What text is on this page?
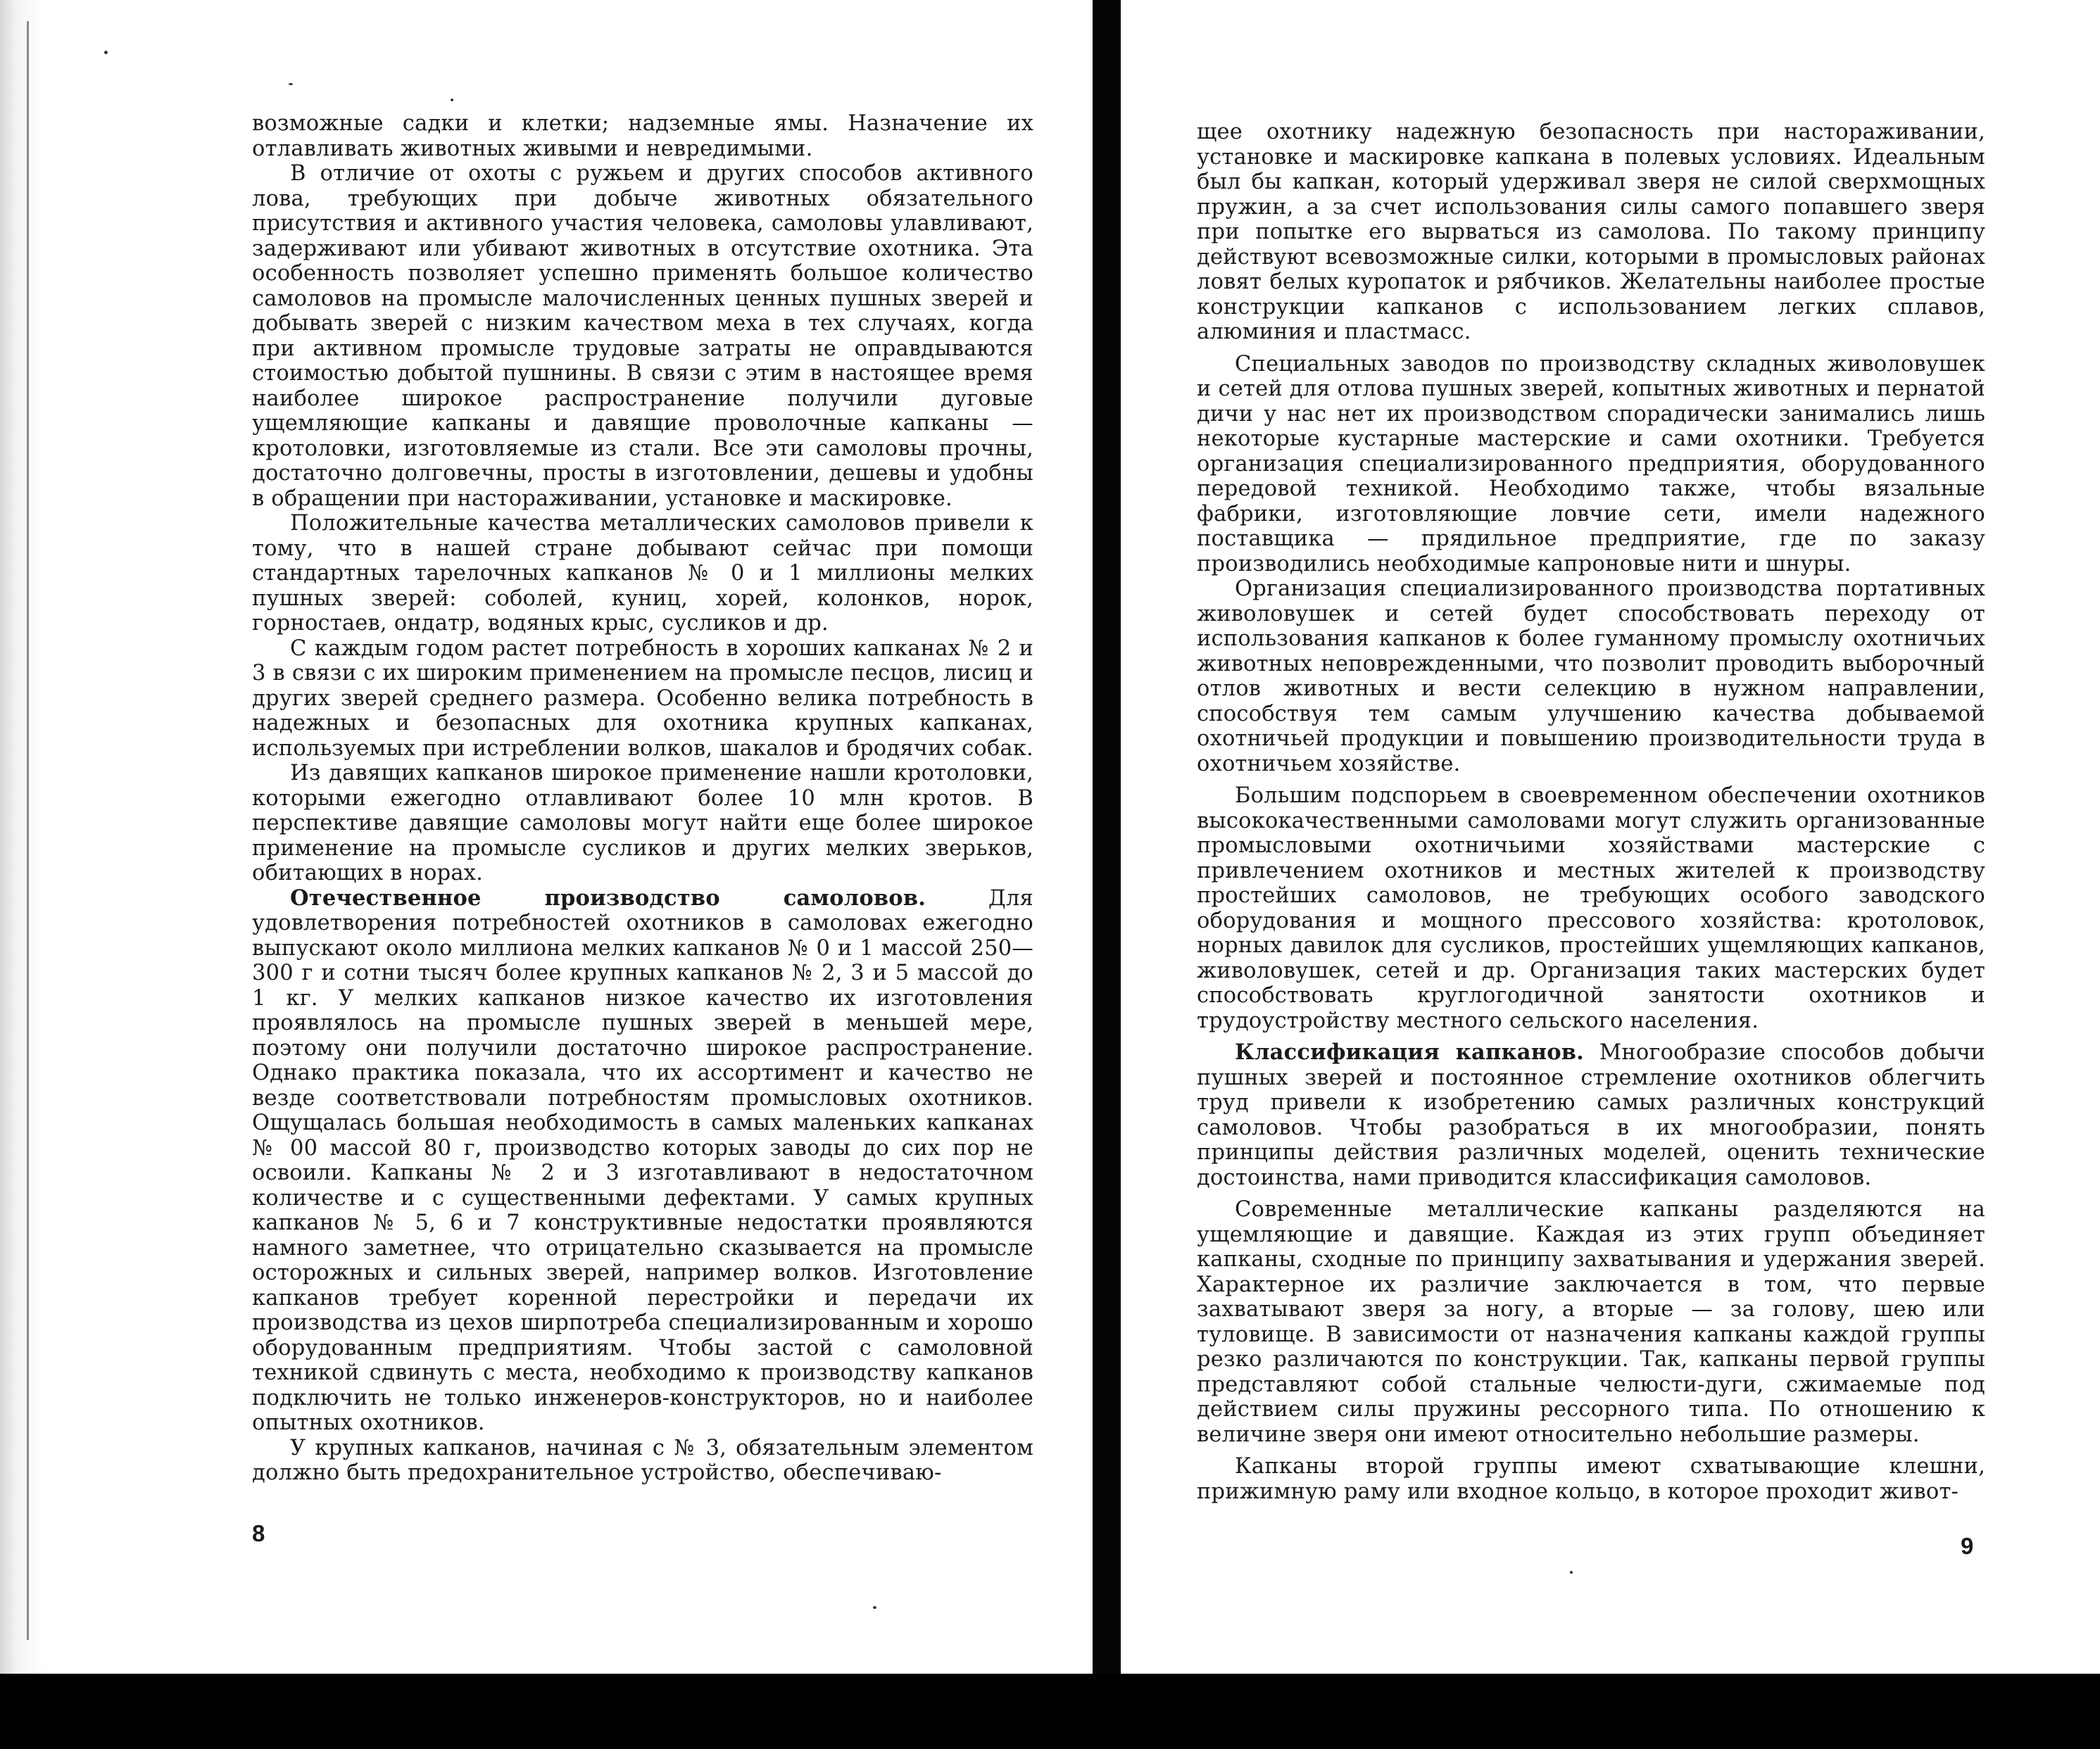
возможные садки и клетки; надземные ямы. Назначение их отлавливать животных живыми и невредимыми.

В отличие от охоты с ружьем и других способов активного лова, требующих при добыче животных обязательного присутствия и активного участия человека, самоловы улавливают, задерживают или убивают животных в отсутствие охотника. Эта особенность позволяет успешно применять большое количество самоловов на промысле малочисленных ценных пушных зверей и добывать зверей с низким качеством меха в тех случаях, когда при активном промысле трудовые затраты не оправдываются стоимостью добытой пушнины. В связи с этим в настоящее время наиболее широкое распространение получили дуговые ущемляющие капканы и давящие проволочные капканы — кротоловки, изготовляемые из стали. Все эти самоловы прочны, достаточно долговечны, просты в изготовлении, дешевы и удобны в обращении при настораживании, установке и маскировке.

Положительные качества металлических самоловов привели к тому, что в нашей стране добывают сейчас при помощи стандартных тарелочных капканов № 0 и 1 миллионы мелких пушных зверей: соболей, куниц, хорей, колонков, норок, горностаев, ондатр, водяных крыс, сусликов и др.

С каждым годом растет потребность в хороших капканах № 2 и 3 в связи с их широким применением на промысле песцов, лисиц и других зверей среднего размера. Особенно велика потребность в надежных и безопасных для охотника крупных капканах, используемых при истреблении волков, шакалов и бродячих собак.

Из давящих капканов широкое применение нашли кротоловки, которыми ежегодно отлавливают более 10 млн кротов. В перспективе давящие самоловы могут найти еще более широкое применение на промысле сусликов и других мелких зверьков, обитающих в норах.

Отечественное производство самоловов. Для удовлетворения потребностей охотников в самоловах ежегодно выпускают около миллиона мелких капканов № 0 и 1 массой 250—300 г и сотни тысяч более крупных капканов № 2, 3 и 5 массой до 1 кг. У мелких капканов низкое качество их изготовления проявлялось на промысле пушных зверей в меньшей мере, поэтому они получили достаточно широкое распространение. Однако практика показала, что их ассортимент и качество не везде соответствовали потребностям промысловых охотников. Ощущалась большая необходимость в самых маленьких капканах № 00 массой 80 г, производство которых заводы до сих пор не освоили. Капканы № 2 и 3 изготавливают в недостаточном количестве и с существенными дефектами. У самых крупных капканов № 5, 6 и 7 конструктивные недостатки проявляются намного заметнее, что отрицательно сказывается на промысле осторожных и сильных зверей, например волков. Изготовление капканов требует коренной перестройки и передачи их производства из цехов ширпотреба специализированным и хорошо оборудованным предприятиям. Чтобы застой с самоловной техникой сдвинуть с места, необходимо к производству капканов подключить не только инженеров-конструкторов, но и наиболее опытных охотников.

У крупных капканов, начиная с № 3, обязательным элементом должно быть предохранительное устройство, обеспечиваю-

8

щее охотнику надежную безопасность при настораживании, установке и маскировке капкана в полевых условиях. Идеальным был бы капкан, который удерживал зверя не силой сверхмощных пружин, а за счет использования силы самого попавшего зверя при попытке его вырваться из самолова. По такому принципу действуют всевозможные силки, которыми в промысловых районах ловят белых куропаток и рябчиков. Желательны наиболее простые конструкции капканов с использованием легких сплавов, алюминия и пластмасс.

Специальных заводов по производству складных живоловушек и сетей для отлова пушных зверей, копытных животных и пернатой дичи у нас нет их производством спорадически занимались лишь некоторые кустарные мастерские и сами охотники. Требуется организация специализированного предприятия, оборудованного передовой техникой. Необходимо также, чтобы вязальные фабрики, изготовляющие ловчие сети, имели надежного поставщика — прядильное предприятие, где по заказу производились необходимые капроновые нити и шнуры.

Организация специализированного производства портативных живоловушек и сетей будет способствовать переходу от использования капканов к более гуманному промыслу охотничьих животных неповрежденными, что позволит проводить выборочный отлов животных и вести селекцию в нужном направлении, способствуя тем самым улучшению качества добываемой охотничьей продукции и повышению производительности труда в охотничьем хозяйстве.

Большим подспорьем в своевременном обеспечении охотников высококачественными самоловами могут служить организованные промысловыми охотничьими хозяйствами мастерские с привлечением охотников и местных жителей к производству простейших самоловов, не требующих особого заводского оборудования и мощного прессового хозяйства: кротоловок, норных давилок для сусликов, простейших ущемляющих капканов, живоловушек, сетей и др. Организация таких мастерских будет способствовать круглогодичной занятости охотников и трудоустройству местного сельского населения.

Классификация капканов. Многообразие способов добычи пушных зверей и постоянное стремление охотников облегчить труд привели к изобретению самых различных конструкций самоловов. Чтобы разобраться в их многообразии, понять принципы действия различных моделей, оценить технические достоинства, нами приводится классификация самоловов.

Современные металлические капканы разделяются на ущемляющие и давящие. Каждая из этих групп объединяет капканы, сходные по принципу захватывания и удержания зверей. Характерное их различие заключается в том, что первые захватывают зверя за ногу, а вторые — за голову, шею или туловище. В зависимости от назначения капканы каждой группы резко различаются по конструкции. Так, капканы первой группы представляют собой стальные челюсти-дуги, сжимаемые под действием силы пружины рессорного типа. По отношению к величине зверя они имеют относительно небольшие размеры.

Капканы второй группы имеют схватывающие клешни, прижимную раму или входное кольцо, в которое проходит живот-

9
